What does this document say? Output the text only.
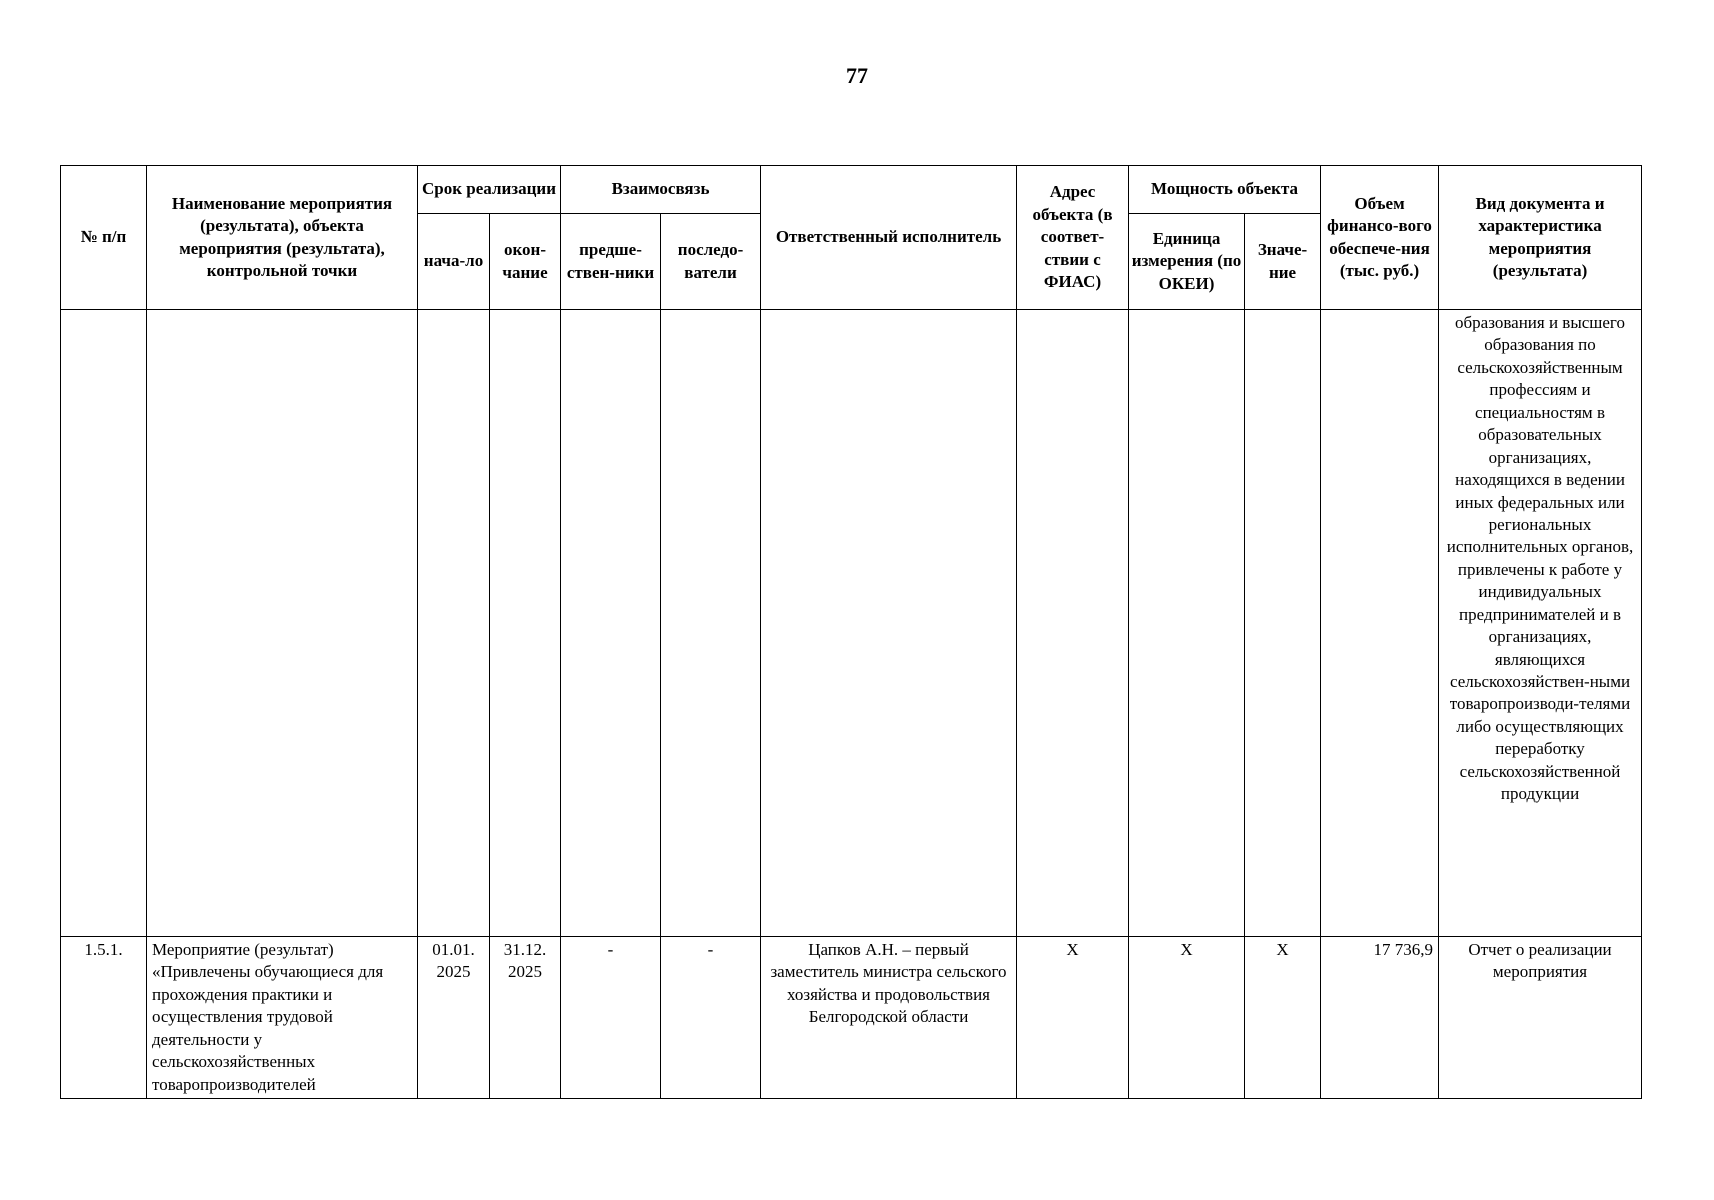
77
№ п/п	Наименование мероприятия (результата), объекта мероприятия (результата), контрольной точки	Срок реализации		Взаимосвязь		Ответственный исполнитель	Адрес объекта (в соответ-ствии с ФИАС)	Мощность объекта		Объем финансо-вого обеспече-ния (тыс. руб.)	Вид документа и характеристика мероприятия (результата)
		нача-ло	окон-чание	предше-ствен-ники	последо-ватели			Единица измерения (по ОКЕИ)	Значе-ние		
											образования и высшего образования по сельскохозяйственным профессиям и специальностям в образовательных организациях, находящихся в ведении иных федеральных или региональных исполнительных органов, привлечены к работе у индивидуальных предпринимателей и в организациях, являющихся сельскохозяйствен-ными товаропроизводи-телями либо осуществляющих переработку сельскохозяйственной продукции
1.5.1.	Мероприятие (результат) «Привлечены обучающиеся для прохождения практики и осуществления трудовой деятельности у сельскохозяйственных товаропроизводителей	01.01. 2025	31.12. 2025	-	-	Цапков А.Н. – первый заместитель министра сельского хозяйства и продовольствия Белгородской области	Х	Х	Х	17 736,9	Отчет о реализации мероприятия
